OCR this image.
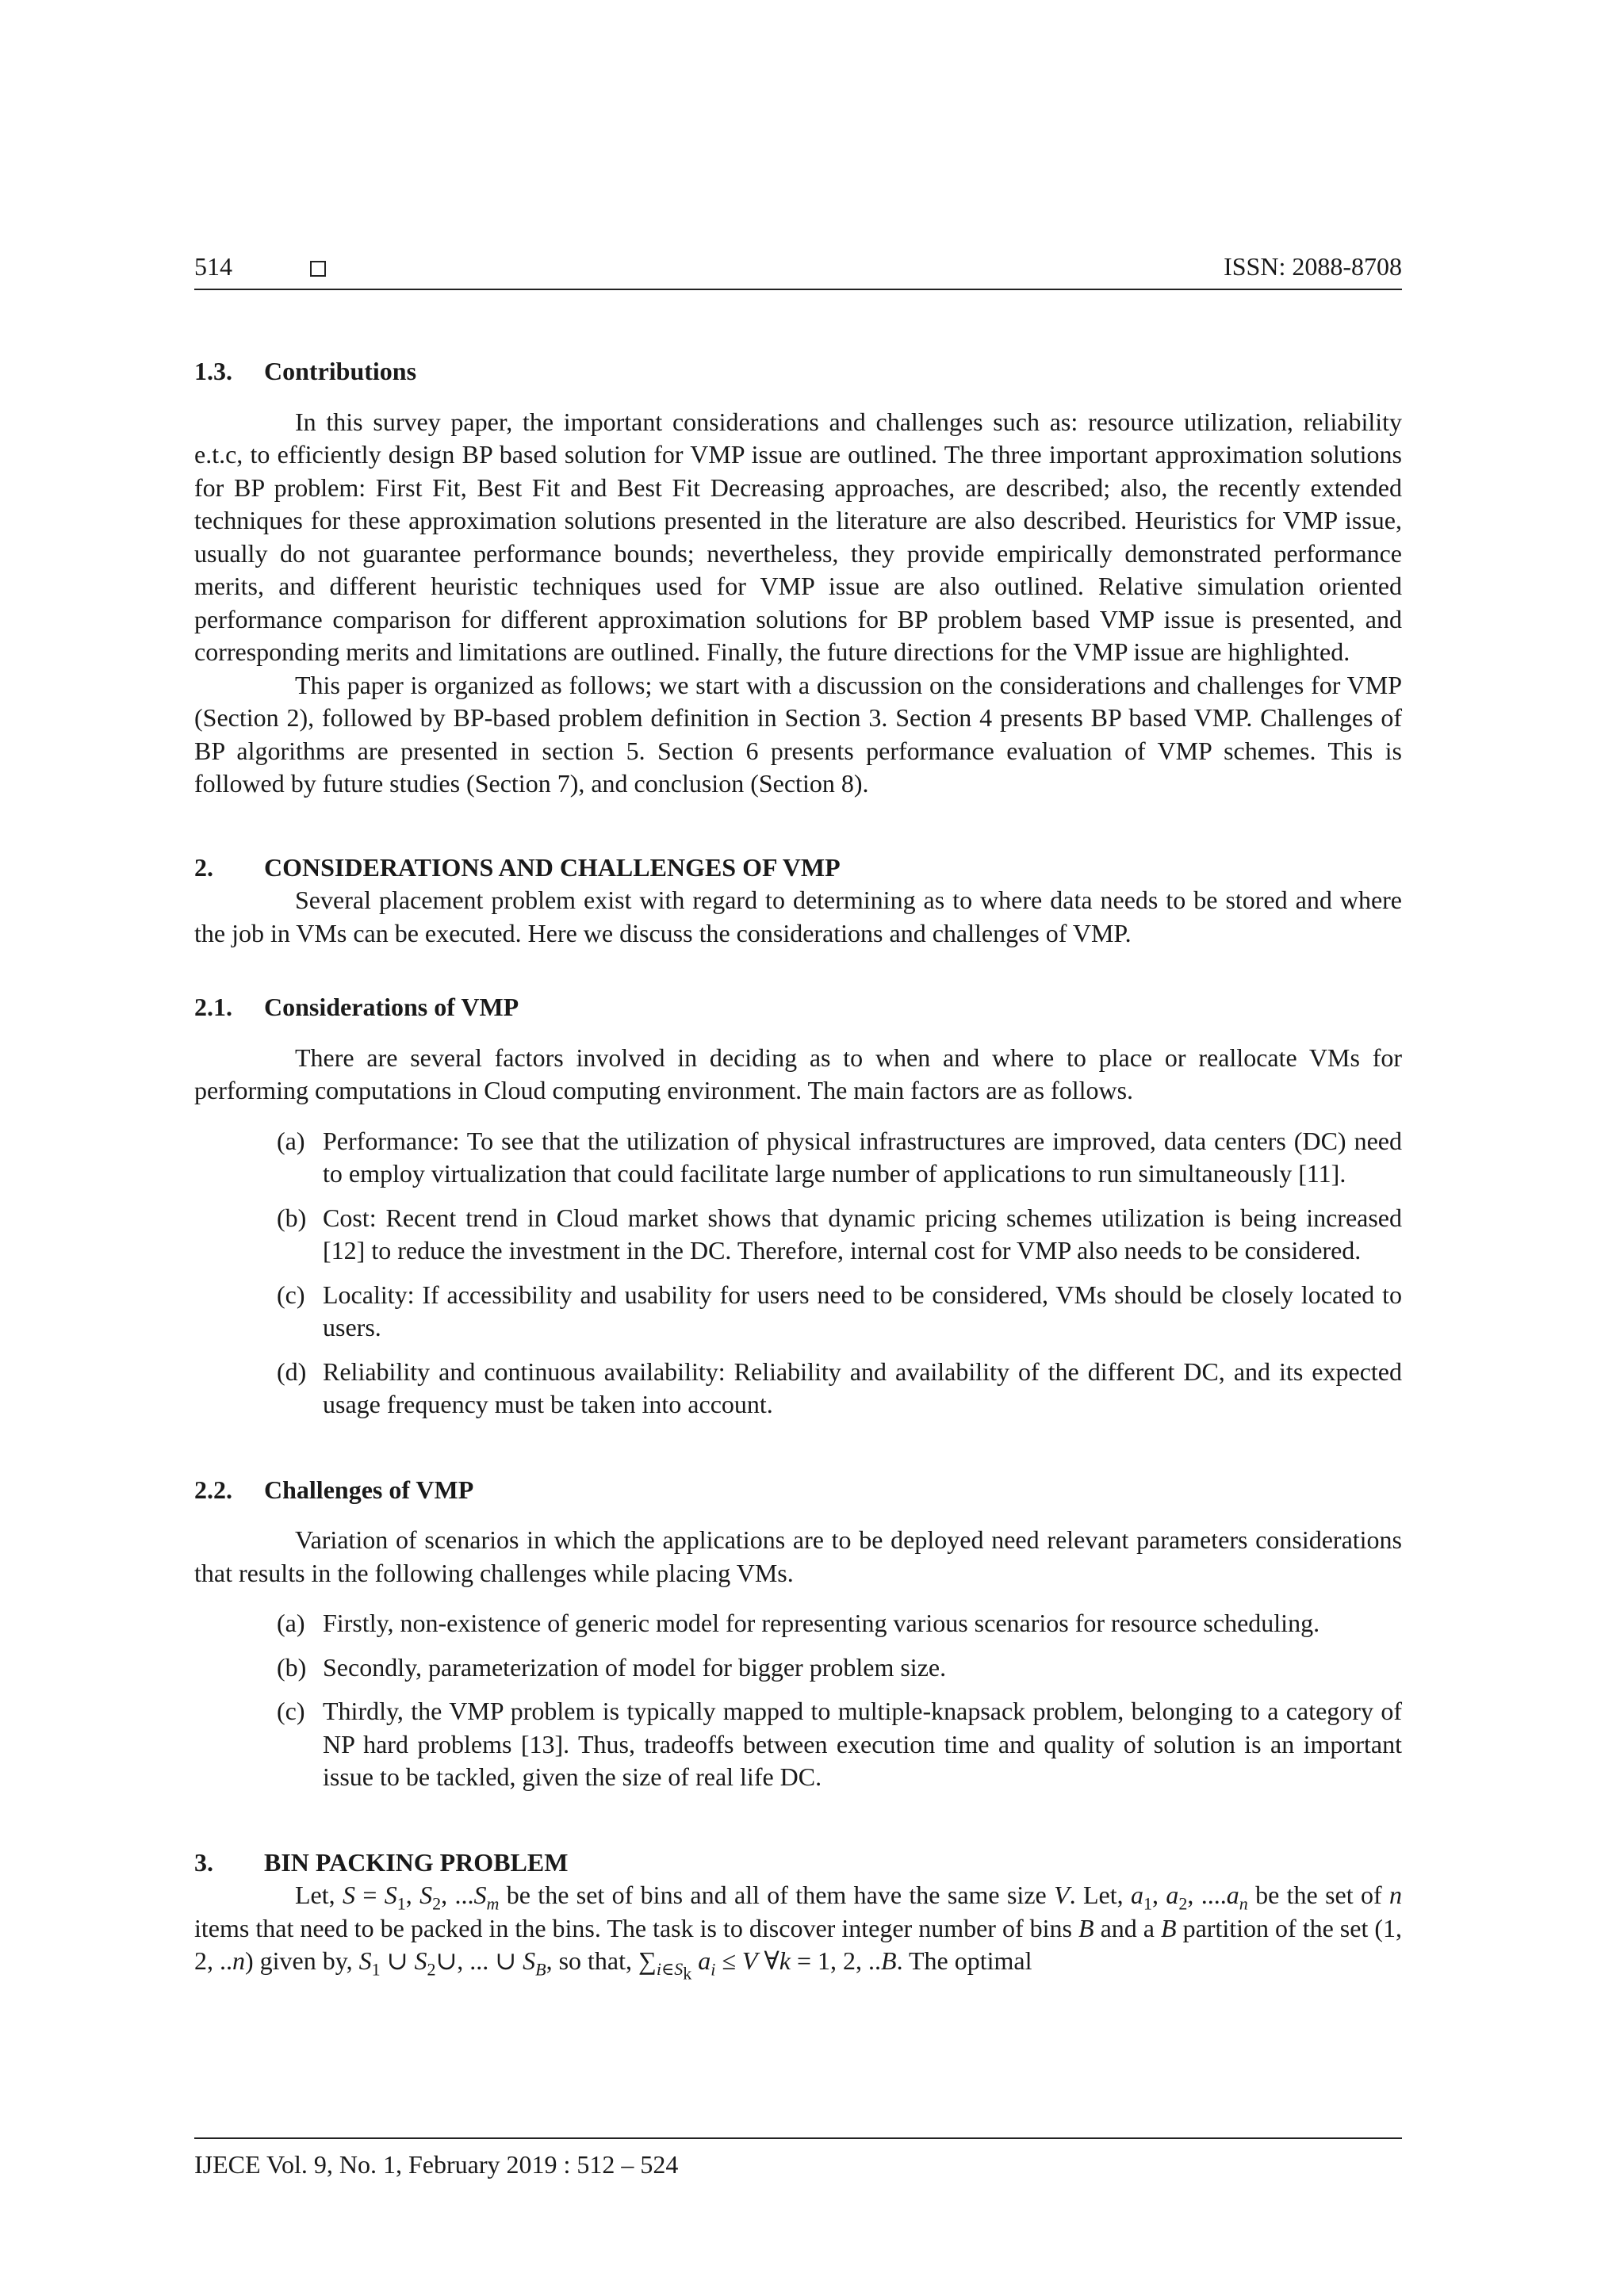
514	ISSN: 2088-8708
1.3. Contributions

In this survey paper, the important considerations and challenges such as: resource utilization, reliability e.t.c, to efficiently design BP based solution for VMP issue are outlined. The three important approximation solutions for BP problem: First Fit, Best Fit and Best Fit Decreasing approaches, are described; also, the recently extended techniques for these approximation solutions presented in the literature are also described. Heuristics for VMP issue, usually do not guarantee performance bounds; nevertheless, they provide empirically demonstrated performance merits, and different heuristic techniques used for VMP issue are also outlined. Relative simulation oriented performance comparison for different approximation solutions for BP problem based VMP issue is presented, and corresponding merits and limitations are outlined. Finally, the future directions for the VMP issue are highlighted.

This paper is organized as follows; we start with a discussion on the considerations and challenges for VMP (Section 2), followed by BP-based problem definition in Section 3. Section 4 presents BP based VMP. Challenges of BP algorithms are presented in section 5. Section 6 presents performance evaluation of VMP schemes. This is followed by future studies (Section 7), and conclusion (Section 8).

2. CONSIDERATIONS AND CHALLENGES OF VMP

Several placement problem exist with regard to determining as to where data needs to be stored and where the job in VMs can be executed. Here we discuss the considerations and challenges of VMP.

2.1. Considerations of VMP

There are several factors involved in deciding as to when and where to place or reallocate VMs for performing computations in Cloud computing environment. The main factors are as follows.

(a) Performance: To see that the utilization of physical infrastructures are improved, data centers (DC) need to employ virtualization that could facilitate large number of applications to run simultaneously [11].
(b) Cost: Recent trend in Cloud market shows that dynamic pricing schemes utilization is being increased [12] to reduce the investment in the DC. Therefore, internal cost for VMP also needs to be considered.
(c) Locality: If accessibility and usability for users need to be considered, VMs should be closely located to users.
(d) Reliability and continuous availability: Reliability and availability of the different DC, and its expected usage frequency must be taken into account.
2.2. Challenges of VMP

Variation of scenarios in which the applications are to be deployed need relevant parameters considerations that results in the following challenges while placing VMs.

(a) Firstly, non-existence of generic model for representing various scenarios for resource scheduling.
(b) Secondly, parameterization of model for bigger problem size.
(c) Thirdly, the VMP problem is typically mapped to multiple-knapsack problem, belonging to a category of NP hard problems [13]. Thus, tradeoffs between execution time and quality of solution is an important issue to be tackled, given the size of real life DC.
3. BIN PACKING PROBLEM

Let, $S = S_1$, $S_2$, $...S_m$ be the set of bins and all of them have the same size V. Let, $a_1$, $a_2$, $....a_n$ be the set of n items that need to be packed in the bins. The task is to discover integer number of bins B and a B partition of the set (1, 2, ..n) given by, $S_1$ ∪ $S_2\cup$, ... ∪ $S_B$, so that, $\sum_{i\in S_k}$ $a_i \le V$ ∀k = 1, 2, ..B. The optimal

IJECE Vol. 9, No. 1, February 2019 : 512 – 524
